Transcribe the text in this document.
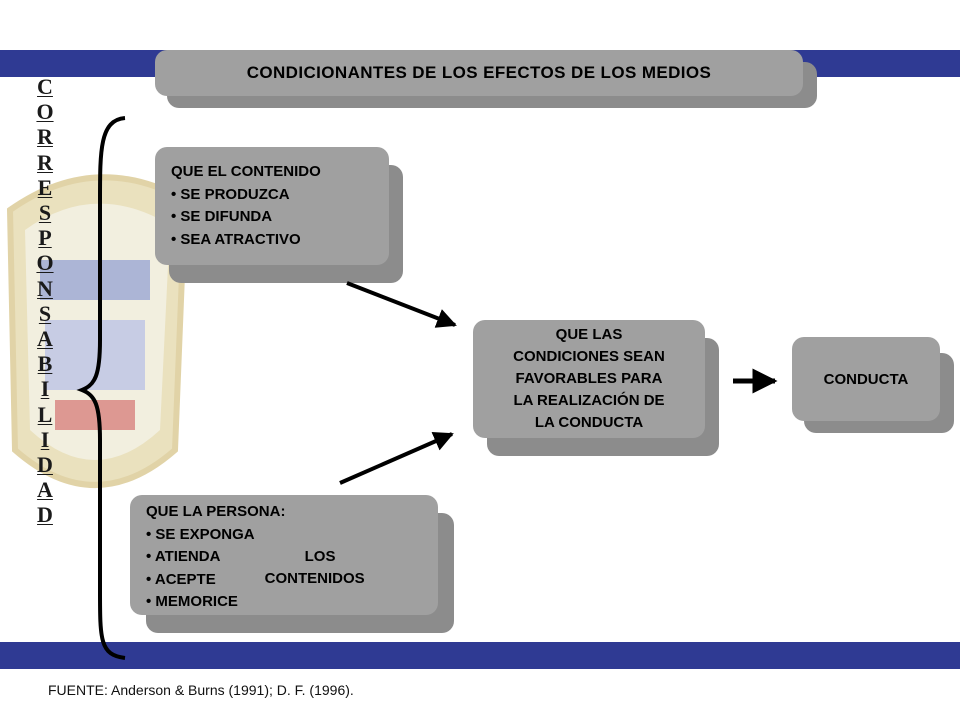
C
O
R
R
E
S
P
O
N
S
A
B
I
L
I
D
A
D
CONDICIONANTES DE LOS EFECTOS DE LOS MEDIOS
QUE EL CONTENIDO
• SE PRODUZCA
• SE DIFUNDA
• SEA ATRACTIVO
QUE LA PERSONA:
• SE EXPONGA
• ATIENDA
• ACEPTE
• MEMORICE
LOS
CONTENIDOS
QUE LAS
CONDICIONES SEAN
FAVORABLES PARA
LA REALIZACIÓN DE
LA CONDUCTA
CONDUCTA
FUENTE: Anderson & Burns (1991); D. F. (1996).
